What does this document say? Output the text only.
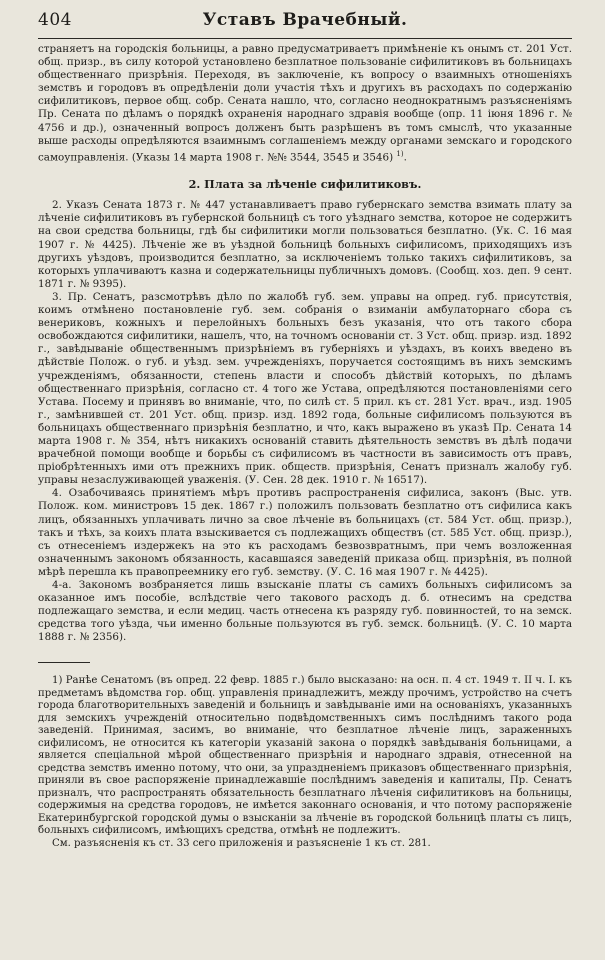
404	Уставъ Врачебный.

страняетъ на городскія больницы, а равно предусматриваетъ примѣненіе къ онымъ ст. 201 Уст. общ. призр., въ силу которой установлено безплатное пользованіе сифилитиковъ въ больницахъ общественнаго призрѣнія. Переходя, въ заключеніе, къ вопросу о взаимныхъ отношеніяхъ земствъ и городовъ въ опредѣленіи доли участія тѣхъ и другихъ въ расходахъ по содержанію сифилитиковъ, первое общ. собр. Сената нашло, что, согласно неоднократнымъ разъясненіямъ Пр. Сената по дѣламъ о порядкѣ охраненія народнаго здравія вообще (опр. 11 іюня 1896 г. № 4756 и др.), означенный вопросъ долженъ быть разрѣшенъ въ томъ смыслѣ, что указанные выше расходы опредѣляются взаимнымъ соглашеніемъ между органами земскаго и городского самоуправленія. (Указы 14 марта 1908 г. №№ 3544, 3545 и 3546) $^{1)}$.

2. Плата за лѣченіе сифилитиковъ.

2. Указъ Сената 1873 г. № 447 устанавливаетъ право губернскаго земства взимать плату за лѣченіе сифилитиковъ въ губернской больницѣ съ того уѣзднаго земства, которое не содержитъ на свои средства больницы, гдѣ бы сифилитики могли пользоваться безплатно. (Ук. С. 16 мая 1907 г. № 4425). Лѣченіе же въ уѣздной больницѣ больныхъ сифилисомъ, приходящихъ изъ другихъ уѣздовъ, производится безплатно, за исключеніемъ только такихъ сифилитиковъ, за которыхъ уплачиваютъ казна и содержательницы публичныхъ домовъ. (Сообщ. хоз. деп. 9 сент. 1871 г. № 9395).

3. Пр. Сенатъ, разсмотрѣвъ дѣло по жалобѣ губ. зем. управы на опред. губ. присутствія, коимъ отмѣнено постановленіе губ. зем. собранія о взиманіи амбулаторнаго сбора съ венериковъ, кожныхъ и перелойныхъ больныхъ безъ указанія, что отъ такого сбора освобождаются сифилитики, нашелъ, что, на точномъ основаніи ст. 3 Уст. общ. призр. изд. 1892 г., завѣдываніе общественнымъ призрѣніемъ въ губерніяхъ и уѣздахъ, въ коихъ введено въ дѣйствіе Полож. о губ. и уѣзд. зем. учрежденіяхъ, поручается состоящимъ въ нихъ земскимъ учрежденіямъ, обязанности, степень власти и способъ дѣйствій которыхъ, по дѣламъ общественнаго призрѣнія, согласно ст. 4 того же Устава, опредѣляются постановленіями сего Устава. Посему и принявъ во вниманіе, что, по силѣ ст. 5 прил. къ ст. 281 Уст. врач., изд. 1905 г., замѣнившей ст. 201 Уст. общ. призр. изд. 1892 года, больные сифилисомъ пользуются въ больницахъ общественнаго призрѣнія безплатно, и что, какъ выражено въ указѣ Пр. Сената 14 марта 1908 г. № 354, нѣтъ никакихъ основаній ставить дѣятельность земствъ въ дѣлѣ подачи врачебной помощи вообще и борьбы съ сифилисомъ въ частности въ зависимость отъ правъ, пріобрѣтенныхъ ими отъ прежнихъ прик. обществ. призрѣнія, Сенатъ призналъ жалобу губ. управы незаслуживающей уваженія. (У. Сен. 28 дек. 1910 г. № 16517).

4. Озабочиваясь принятіемъ мѣръ противъ распространенія сифилиса, законъ (Выс. утв. Полож. ком. министровъ 15 дек. 1867 г.) положилъ пользовать безплатно отъ сифилиса какъ лицъ, обязанныхъ уплачивать лично за свое лѣченіе въ больницахъ (ст. 584 Уст. общ. призр.), такъ и тѣхъ, за коихъ плата взыскивается съ подлежащихъ обществъ (ст. 585 Уст. общ. призр.), съ отнесеніемъ издержекъ на это къ расходамъ безвозвратнымъ, при чемъ возложенная означеннымъ закономъ обязанность, касавшаяся заведеній приказа общ. призрѣнія, въ полной мѣрѣ перешла къ правопреемнику его губ. земству. (У. С. 16 мая 1907 г. № 4425).

4-а. Закономъ возбраняется лишь взысканіе платы съ самихъ больныхъ сифилисомъ за оказанное имъ пособіе, вслѣдствіе чего такового расходъ д. б. отнесимъ на средства подлежащаго земства, и если медиц. часть отнесена къ разряду губ. повинностей, то на земск. средства того уѣзда, чьи именно больные пользуются въ губ. земск. больницѣ. (У. С. 10 марта 1888 г. № 2356).

1) Ранѣе Сенатомъ (въ опред. 22 февр. 1885 г.) было высказано: на осн. п. 4 ст. 1949 т. II ч. I. къ предметамъ вѣдомства гор. общ. управленія принадлежитъ, между прочимъ, устройство на счетъ города благотворительныхъ заведеній и больницъ и завѣдываніе ими на основаніяхъ, указанныхъ для земскихъ учрежденій относительно подвѣдомственныхъ симъ послѣднимъ такого рода заведеній. Принимая, засимъ, во вниманіе, что безплатное лѣченіе лицъ, зараженныхъ сифилисомъ, не относится къ категоріи указаній закона о порядкѣ завѣдыванія больницами, а является спеціальной мѣрой общественнаго призрѣнія и народнаго здравія, отнесенной на средства земствъ именно потому, что они, за упраздненіемъ приказовъ общественнаго призрѣнія, приняли въ свое распоряженіе принадлежавшіе послѣднимъ заведенія и капиталы, Пр. Сенатъ призналъ, что распространять обязательность безплатнаго лѣченія сифилитиковъ на больницы, содержимыя на средства городовъ, не имѣется законнаго основанія, и что потому распоряженіе Екатеринбургской городской думы о взысканіи за лѣченіе въ городской больницѣ платы съ лицъ, больныхъ сифилисомъ, имѣющихъ средства, отмѣнѣ не подлежитъ.

См. разъясненія къ ст. 33 сего приложенія и разъясненіе 1 къ ст. 281.
